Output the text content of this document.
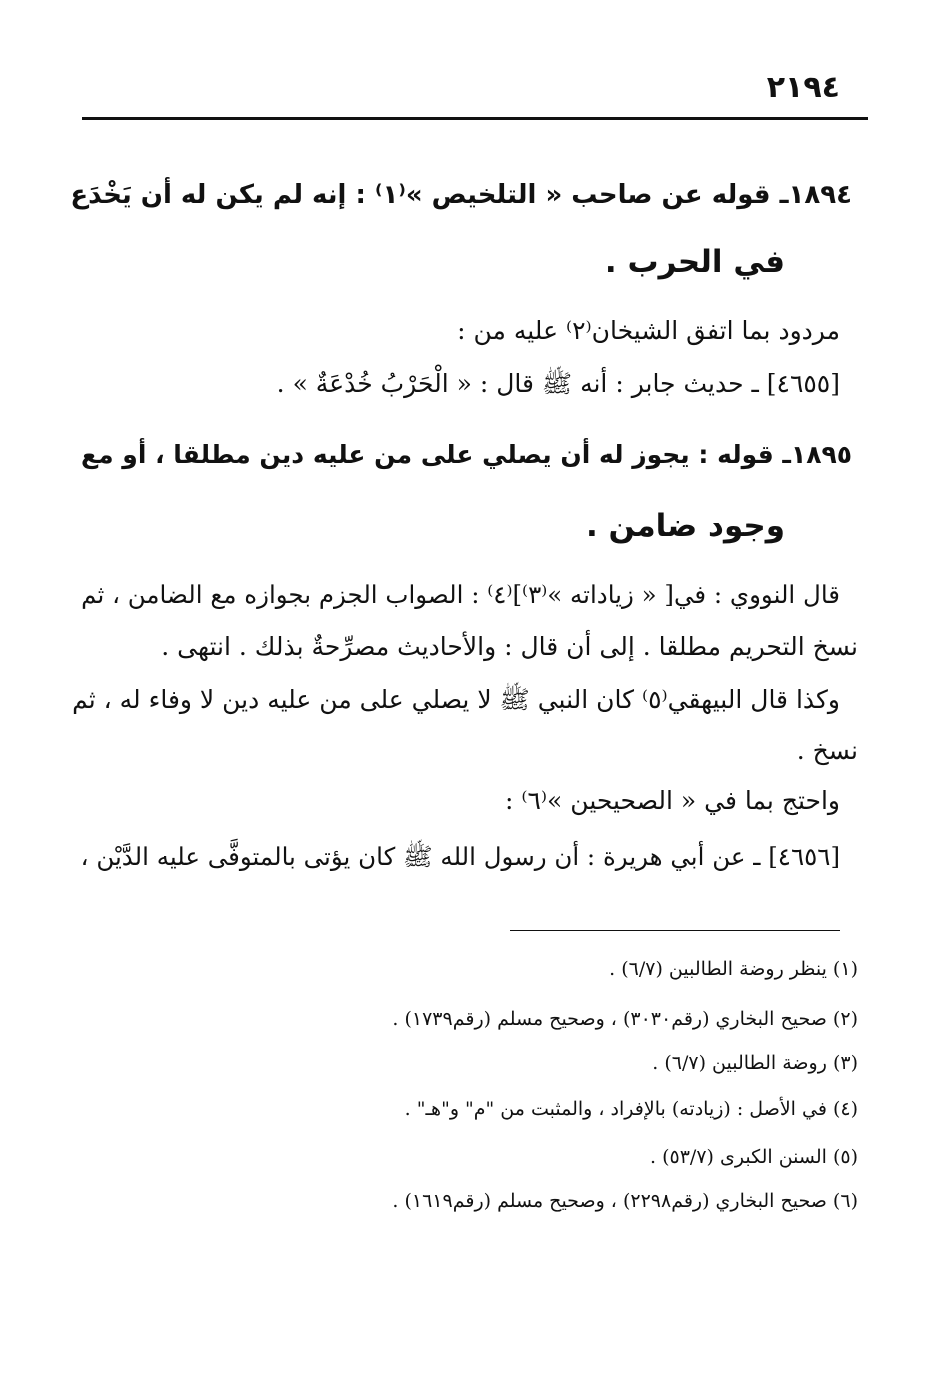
٢١٩٤
١٨٩٤ـ قوله عن صاحب « التلخيص »⁽١⁾ : إنه لم يكن له أن يَخْدَع
في الحرب .
مردود بما اتفق الشيخان⁽٢⁾ عليه من :
[٤٦٥٥] ـ حديث جابر : أنه ﷺ قال : « الْحَرْبُ خُدْعَةٌ » .
١٨٩٥ـ قوله : يجوز له أن يصلي على من عليه دين مطلقا ، أو مع
وجود ضامن .
قال النووي : في[ « زياداته »⁽٣⁾]⁽٤⁾ : الصواب الجزم بجوازه مع الضامن ، ثم
نسخ التحريم مطلقا . إلى أن قال : والأحاديث مصرِّحةٌ بذلك . انتهى .
وكذا قال البيهقي⁽٥⁾ كان النبي ﷺ لا يصلي على من عليه دين لا وفاء له ، ثم
نسخ .
واحتج بما في « الصحيحين »⁽٦⁾ :
[٤٦٥٦] ـ عن أبي هريرة : أن رسول الله ﷺ كان يؤتى بالمتوفَّى عليه الدَّيْن ،
(١) ينظر روضة الطالبين (٦/٧) .
(٢) صحيح البخاري (رقم٣٠٣٠) ، وصحيح مسلم (رقم١٧٣٩) .
(٣) روضة الطالبين (٦/٧) .
(٤) في الأصل : (زيادته) بالإفراد ، والمثبت من "م" و"هـ" .
(٥) السنن الكبرى (٥٣/٧) .
(٦) صحيح البخاري (رقم٢٢٩٨) ، وصحيح مسلم (رقم١٦١٩) .
